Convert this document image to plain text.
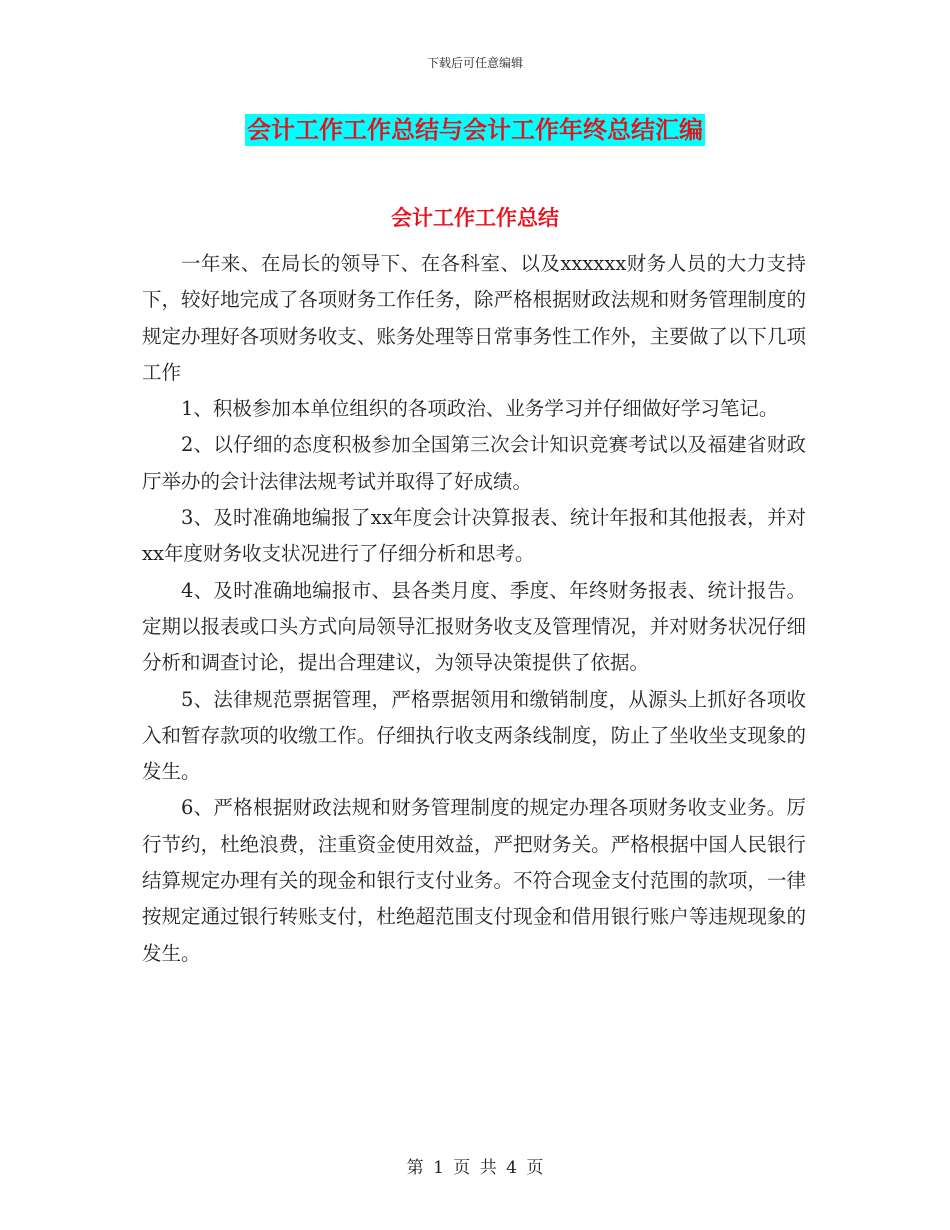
下载后可任意编辑
会计工作工作总结与会计工作年终总结汇编
会计工作工作总结

一年来、在局长的领导下、在各科室、以及xxxxxx财务人员的大力支持下，较好地完成了各项财务工作任务，除严格根据财政法规和财务管理制度的规定办理好各项财务收支、账务处理等日常事务性工作外，主要做了以下几项工作

1、积极参加本单位组织的各项政治、业务学习并仔细做好学习笔记。

2、以仔细的态度积极参加全国第三次会计知识竞赛考试以及福建省财政厅举办的会计法律法规考试并取得了好成绩。

3、及时准确地编报了xx年度会计决算报表、统计年报和其他报表，并对xx年度财务收支状况进行了仔细分析和思考。

4、及时准确地编报市、县各类月度、季度、年终财务报表、统计报告。定期以报表或口头方式向局领导汇报财务收支及管理情况，并对财务状况仔细分析和调查讨论，提出合理建议，为领导决策提供了依据。

5、法律规范票据管理，严格票据领用和缴销制度，从源头上抓好各项收入和暂存款项的收缴工作。仔细执行收支两条线制度，防止了坐收坐支现象的发生。

6、严格根据财政法规和财务管理制度的规定办理各项财务收支业务。厉行节约，杜绝浪费，注重资金使用效益，严把财务关。严格根据中国人民银行结算规定办理有关的现金和银行支付业务。不符合现金支付范围的款项，一律按规定通过银行转账支付，杜绝超范围支付现金和借用银行账户等违规现象的发生。

第 1 页 共 4 页
